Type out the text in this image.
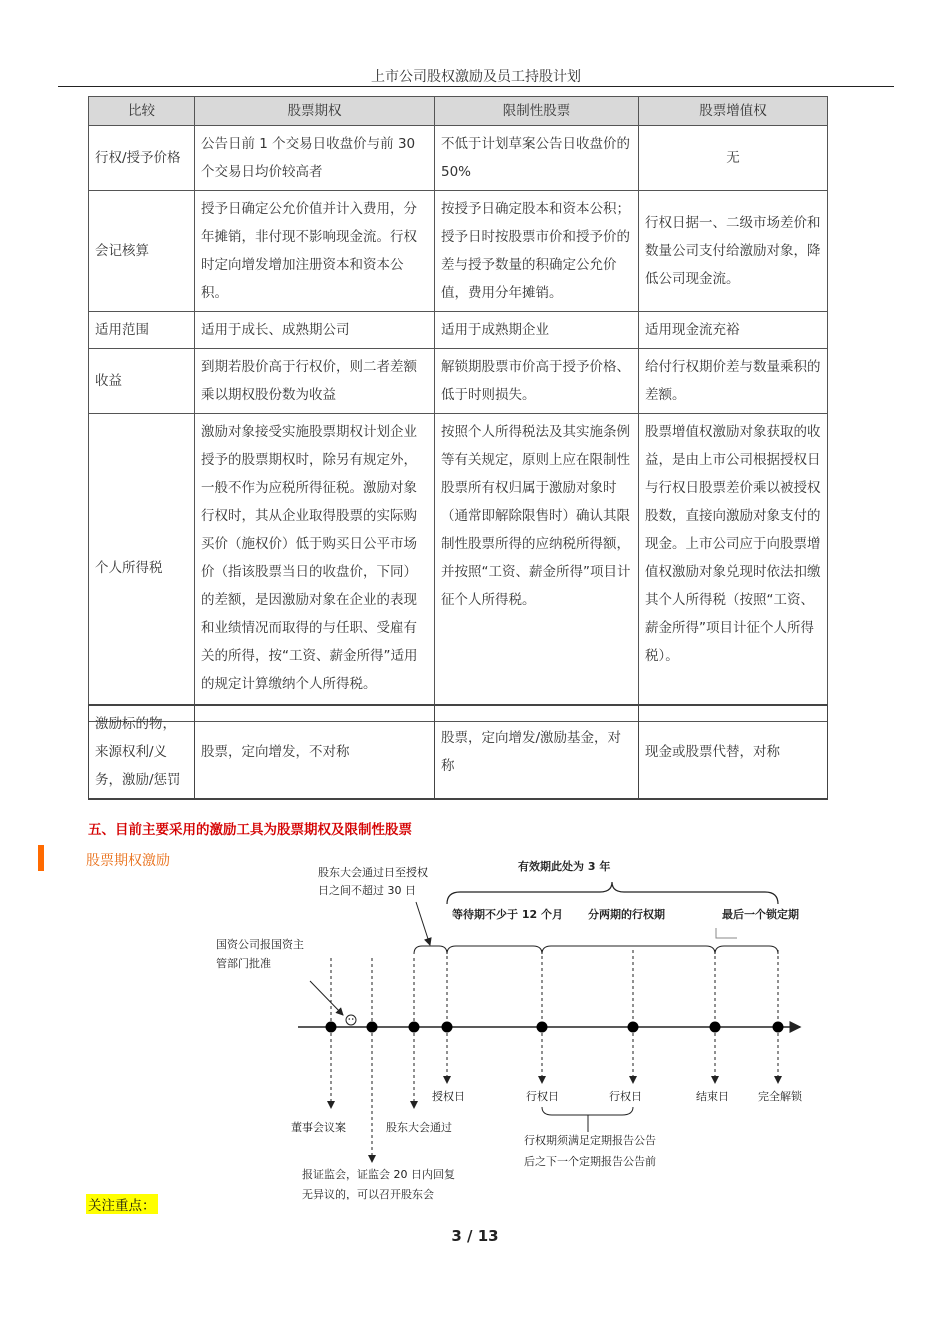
上市公司股权激励及员工持股计划
比较	股票期权	限制性股票	股票增值权
行权/授予价格	公告日前 1 个交易日收盘价与前 30 个交易日均价较高者	不低于计划草案公告日收盘价的 50%	无
会记核算	授予日确定公允价值并计入费用，分年摊销，非付现不影响现金流。行权时定向增发增加注册资本和资本公积。	按授予日确定股本和资本公积；授予日时按股票市价和授予价的差与授予数量的积确定公允价值，费用分年摊销。	行权日据一、二级市场差价和数量公司支付给激励对象，降低公司现金流。
适用范围	适用于成长、成熟期公司	适用于成熟期企业	适用现金流充裕
收益	到期若股价高于行权价，则二者差额乘以期权股份数为收益	解锁期股票市价高于授予价格、低于时则损失。	给付行权期价差与数量乘积的差额。
个人所得税	激励对象接受实施股票期权计划企业授予的股票期权时，除另有规定外，一般不作为应税所得征税。激励对象行权时，其从企业取得股票的实际购买价（施权价）低于购买日公平市场价（指该股票当日的收盘价，下同）的差额，是因激励对象在企业的表现和业绩情况而取得的与任职、受雇有关的所得，按“工资、薪金所得”适用的规定计算缴纳个人所得税。	按照个人所得税法及其实施条例等有关规定，原则上应在限制性股票所有权归属于激励对象时（通常即解除限售时）确认其限制性股票所得的应纳税所得额，并按照“工资、薪金所得”项目计征个人所得税。	股票增值权激励对象获取的收益，是由上市公司根据授权日与行权日股票差价乘以被授权股数，直接向激励对象支付的现金。上市公司应于向股票增值权激励对象兑现时依法扣缴其个人所得税（按照“工资、薪金所得”项目计征个人所得税）。
激励标的物，来源权利/义务，激励/惩罚	股票，定向增发，不对称	股票，定向增发/激励基金，对称	现金或股票代替，对称
五、目前主要采用的激励工具为股票期权及限制性股票
股票期权激励
股东大会通过日至授权
日之间不超过 30 日
有效期此处为 3 年
等待期不少于 12 个月 分两期的行权期	最后一个锁定期
国资公司报国资主
管部门批准
授权日	行权日	行权日	结束日	完全解锁
董事会议案	股东大会通过
行权期须满足定期报告公告
后之下一个定期报告公告前
报证监会，证监会 20 日内回复
无异议的，可以召开股东会
关注重点：
3 / 13
